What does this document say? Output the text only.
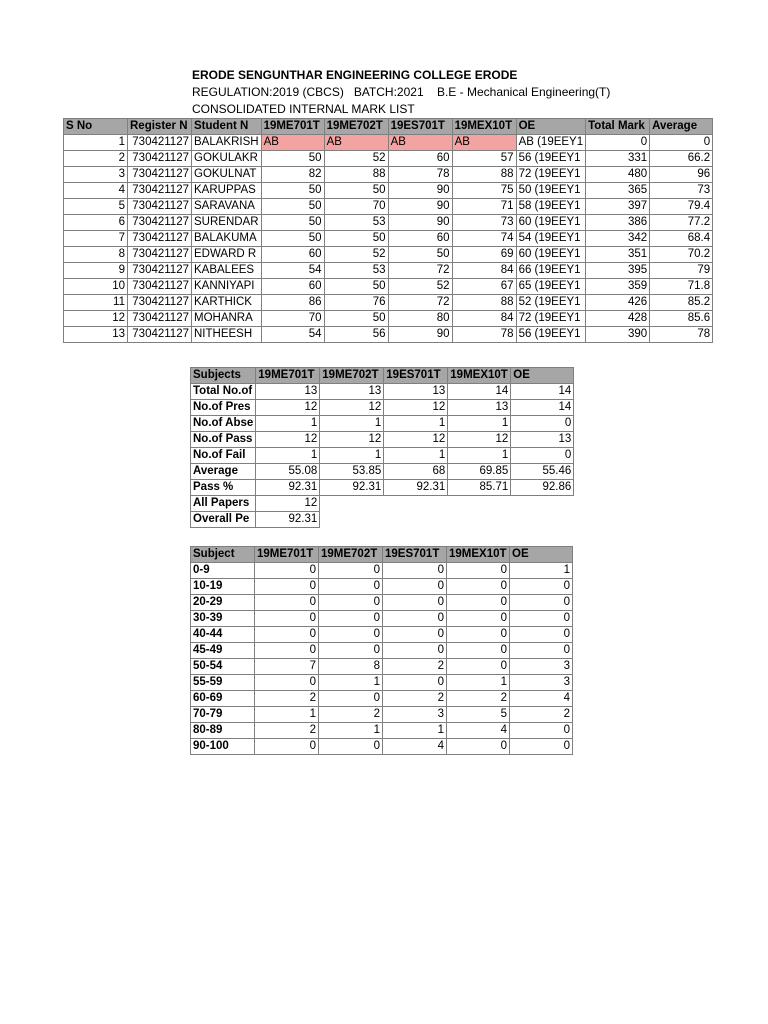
ERODE SENGUNTHAR ENGINEERING COLLEGE ERODE
REGULATION:2019 (CBCS)   BATCH:2021    B.E - Mechanical Engineering(T)
CONSOLIDATED INTERNAL MARK LIST
S No	Register N	Student N	19ME701T	19ME702T	19ES701T	19MEX10T	OE	Total Mark	Average
1	730421127	BALAKRISH	AB	AB	AB	AB	AB (19EEY1	0	0
2	730421127	GOKULAKR	50	52	60	57	56 (19EEY1	331	66.2
3	730421127	GOKULNAT	82	88	78	88	72 (19EEY1	480	96
4	730421127	KARUPPAS	50	50	90	75	50 (19EEY1	365	73
5	730421127	SARAVANA	50	70	90	71	58 (19EEY1	397	79.4
6	730421127	SURENDAR	50	53	90	73	60 (19EEY1	386	77.2
7	730421127	BALAKUMA	50	50	60	74	54 (19EEY1	342	68.4
8	730421127	EDWARD R	60	52	50	69	60 (19EEY1	351	70.2
9	730421127	KABALEES	54	53	72	84	66 (19EEY1	395	79
10	730421127	KANNIYAPI	60	50	52	67	65 (19EEY1	359	71.8
11	730421127	KARTHICK	86	76	72	88	52 (19EEY1	426	85.2
12	730421127	MOHANRA	70	50	80	84	72 (19EEY1	428	85.6
13	730421127	NITHEESH	54	56	90	78	56 (19EEY1	390	78
Subjects	19ME701T	19ME702T	19ES701T	19MEX10T	OE
Total No.of	13	13	13	14	14
No.of Pres	12	12	12	13	14
No.of Abse	1	1	1	1	0
No.of Pass	12	12	12	12	13
No.of Fail	1	1	1	1	0
Average	55.08	53.85	68	69.85	55.46
Pass %	92.31	92.31	92.31	85.71	92.86
All Papers	12				
Overall Pe	92.31				
Subject	19ME701T	19ME702T	19ES701T	19MEX10T	OE
0-9	0	0	0	0	1
10-19	0	0	0	0	0
20-29	0	0	0	0	0
30-39	0	0	0	0	0
40-44	0	0	0	0	0
45-49	0	0	0	0	0
50-54	7	8	2	0	3
55-59	0	1	0	1	3
60-69	2	0	2	2	4
70-79	1	2	3	5	2
80-89	2	1	1	4	0
90-100	0	0	4	0	0
